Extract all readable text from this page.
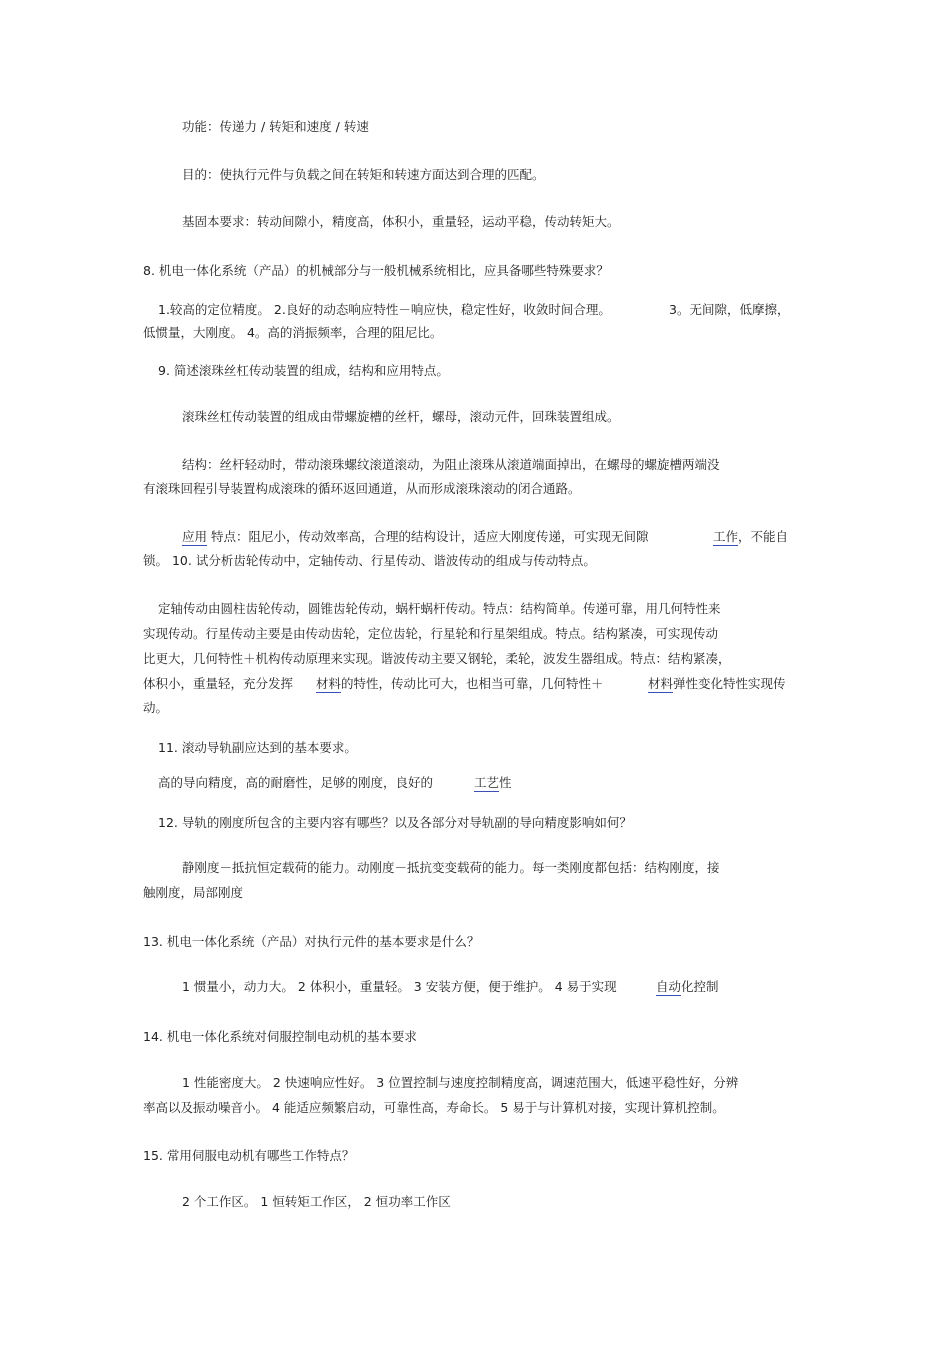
功能：传递力 / 转矩和速度 / 转速
目的：使执行元件与负载之间在转矩和转速方面达到合理的匹配。
基固本要求：转动间隙小，精度高，体积小，重量轻，运动平稳，传动转矩大。
8. 机电一体化系统（产品）的机械部分与一般机械系统相比，应具备哪些特殊要求？
1.较高的定位精度。 2.良好的动态响应特性－响应快，稳定性好，收敛时间合理。	3。无间隙，低摩擦，
低惯量，大刚度。 4。高的消振频率，合理的阻尼比。
9. 简述滚珠丝杠传动装置的组成，结构和应用特点。
滚珠丝杠传动装置的组成由带螺旋槽的丝杆，螺母，滚动元件，回珠装置组成。
结构：丝杆轻动时，带动滚珠螺纹滚道滚动，为阻止滚珠从滚道端面掉出，在螺母的螺旋槽两端没
有滚珠回程引导装置构成滚珠的循环返回通道，从而形成滚珠滚动的闭合通路。
应用 特点：阻尼小，传动效率高，合理的结构设计，适应大刚度传递，可实现无间隙	工作，不能自
锁。 10. 试分析齿轮传动中，定轴传动、行星传动、谐波传动的组成与传动特点。
定轴传动由圆柱齿轮传动，圆锥齿轮传动，蜗杆蜗杆传动。特点：结构简单。传递可靠，用几何特性来
实现传动。行星传动主要是由传动齿轮，定位齿轮，行星轮和行星架组成。特点。结构紧凑，可实现传动
比更大，几何特性＋机构传动原理来实现。谐波传动主要又钢轮，柔轮，波发生器组成。特点：结构紧凑，
体积小，重量轻，充分发挥 材料的特性，传动比可大，也相当可靠，几何特性＋	材料弹性变化特性实现传
动。
11. 滚动导轨副应达到的基本要求。
高的导向精度，高的耐磨性，足够的刚度，良好的	工艺性
12. 导轨的刚度所包含的主要内容有哪些？以及各部分对导轨副的导向精度影响如何？
静刚度－抵抗恒定载荷的能力。动刚度－抵抗变变载荷的能力。每一类刚度都包括：结构刚度，接
触刚度，局部刚度
13. 机电一体化系统（产品）对执行元件的基本要求是什么？
1 惯量小，动力大。 2 体积小，重量轻。 3 安装方便，便于维护。 4 易于实现	自动化控制
14. 机电一体化系统对伺服控制电动机的基本要求
1 性能密度大。 2 快速响应性好。 3 位置控制与速度控制精度高，调速范围大，低速平稳性好，分辨
率高以及振动噪音小。 4 能适应频繁启动，可靠性高，寿命长。 5 易于与计算机对接，实现计算机控制。
15. 常用伺服电动机有哪些工作特点？
2 个工作区。 1 恒转矩工作区， 2 恒功率工作区
